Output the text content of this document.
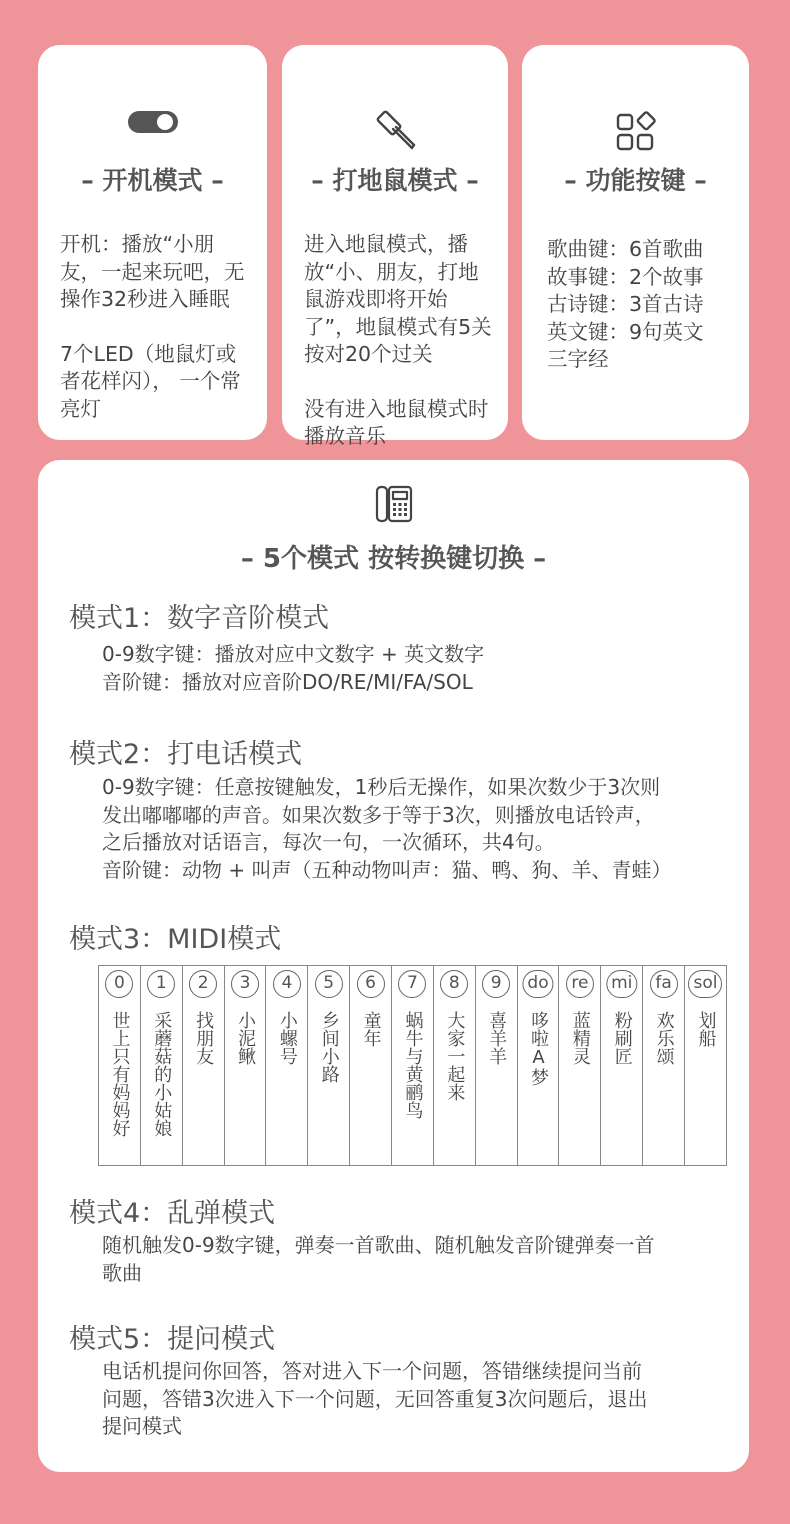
– 开机模式 –

开机：播放“小朋友，一起来玩吧，无操作32秒进入睡眠

7个LED（地鼠灯或者花样闪）， 一个常亮灯

– 打地鼠模式 –

进入地鼠模式，播放“小、朋友，打地鼠游戏即将开始了”，地鼠模式有5关按对20个过关

没有进入地鼠模式时播放音乐

– 功能按键 –

歌曲键：6首歌曲

故事键：2个故事

古诗键：3首古诗

英文键：9句英文

三字经

– 5个模式 按转换键切换 –
模式1：数字音阶模式

0-9数字键：播放对应中文数字 + 英文数字

音阶键：播放对应音阶DO/RE/MI/FA/SOL

模式2：打电话模式

0-9数字键：任意按键触发，1秒后无操作，如果次数少于3次则

发出嘟嘟嘟的声音。如果次数多于等于3次，则播放电话铃声，

之后播放对话语言，每次一句，一次循环，共4句。

音阶键：动物 + 叫声（五种动物叫声：猫、鸭、狗、羊、青蛙）

模式3：MIDI模式
0
世上只有妈妈好
1
采蘑菇的小姑娘
2
找朋友
3
小泥鳅
4
小螺号
5
乡间小路
6
童年
7
蜗牛与黄鹂鸟
8
大家一起来
9
喜羊羊
do
哆啦A梦
re
蓝精灵
mi
粉刷匠
fa
欢乐颂
sol
划船
模式4：乱弹模式

随机触发0-9数字键，弹奏一首歌曲、随机触发音阶键弹奏一首

歌曲

模式5：提问模式

电话机提问你回答，答对进入下一个问题，答错继续提问当前

问题，答错3次进入下一个问题，无回答重复3次问题后，退出

提问模式
